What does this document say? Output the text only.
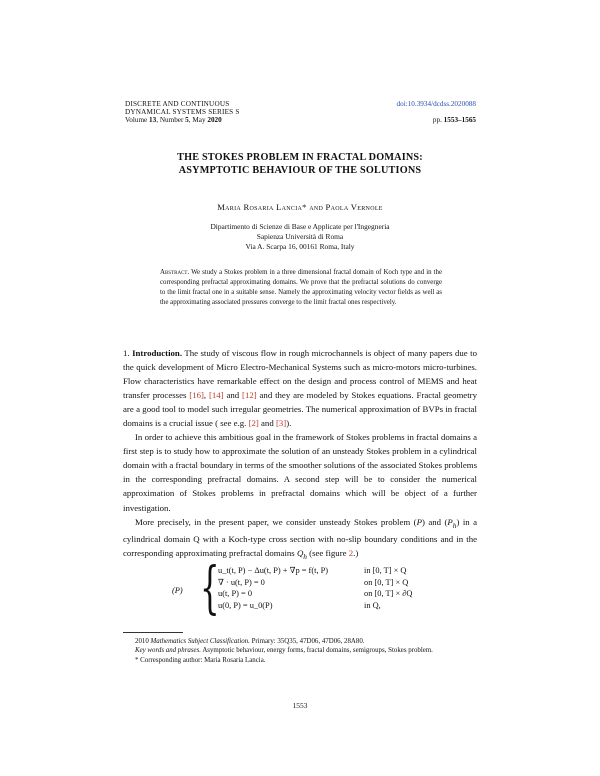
DISCRETE AND CONTINUOUS
DYNAMICAL SYSTEMS SERIES S
Volume 13, Number 5, May 2020
doi:10.3934/dcdss.2020088
pp. 1553–1565
THE STOKES PROBLEM IN FRACTAL DOMAINS:
ASYMPTOTIC BEHAVIOUR OF THE SOLUTIONS
Maria Rosaria Lancia* and Paola Vernole
Dipartimento di Scienze di Base e Applicate per l'Ingegneria
Sapienza Università di Roma
Via A. Scarpa 16, 00161 Roma, Italy
Abstract. We study a Stokes problem in a three dimensional fractal domain of Koch type and in the corresponding prefractal approximating domains. We prove that the prefractal solutions do converge to the limit fractal one in a suitable sense. Namely the approximating velocity vector fields as well as the approximating associated pressures converge to the limit fractal ones respectively.

1. Introduction. The study of viscous flow in rough microchannels is object of many papers due to the quick development of Micro Electro-Mechanical Systems such as micro-motors micro-turbines. Flow characteristics have remarkable effect on the design and process control of MEMS and heat transfer processes [16], [14] and [12] and they are modeled by Stokes equations. Fractal geometry are a good tool to model such irregular geometries. The numerical approximation of BVPs in fractal domains is a crucial issue ( see e.g. [2] and [3]).

In order to achieve this ambitious goal in the framework of Stokes problems in fractal domains a first step is to study how to approximate the solution of an unsteady Stokes problem in a cylindrical domain with a fractal boundary in terms of the smoother solutions of the associated Stokes problems in the corresponding prefractal domains. A second step will be to consider the numerical approximation of Stokes problems in prefractal domains which will be object of a further investigation.

More precisely, in the present paper, we consider unsteady Stokes problem (P) and $(P_h)$ in a cylindrical domain Q with a Koch-type cross section with no-slip boundary conditions and in the corresponding approximating prefractal domains $Q_h$ (see figure 2.)

(P) {
u_t(t, P) − Δu(t, P) + ∇p = f(t, P)	in [0, T] × Q
∇ · u(t, P) = 0	on [0, T] × Q
u(t, P) = 0	on [0, T] × ∂Q
u(0, P) = u_0(P)	in Q,

2010 Mathematics Subject Classification. Primary: 35Q35, 47D06, 47D06, 28A80.

Key words and phrases. Asymptotic behaviour, energy forms, fractal domains, semigroups, Stokes problem.

* Corresponding author: Maria Rosaria Lancia.

1553
